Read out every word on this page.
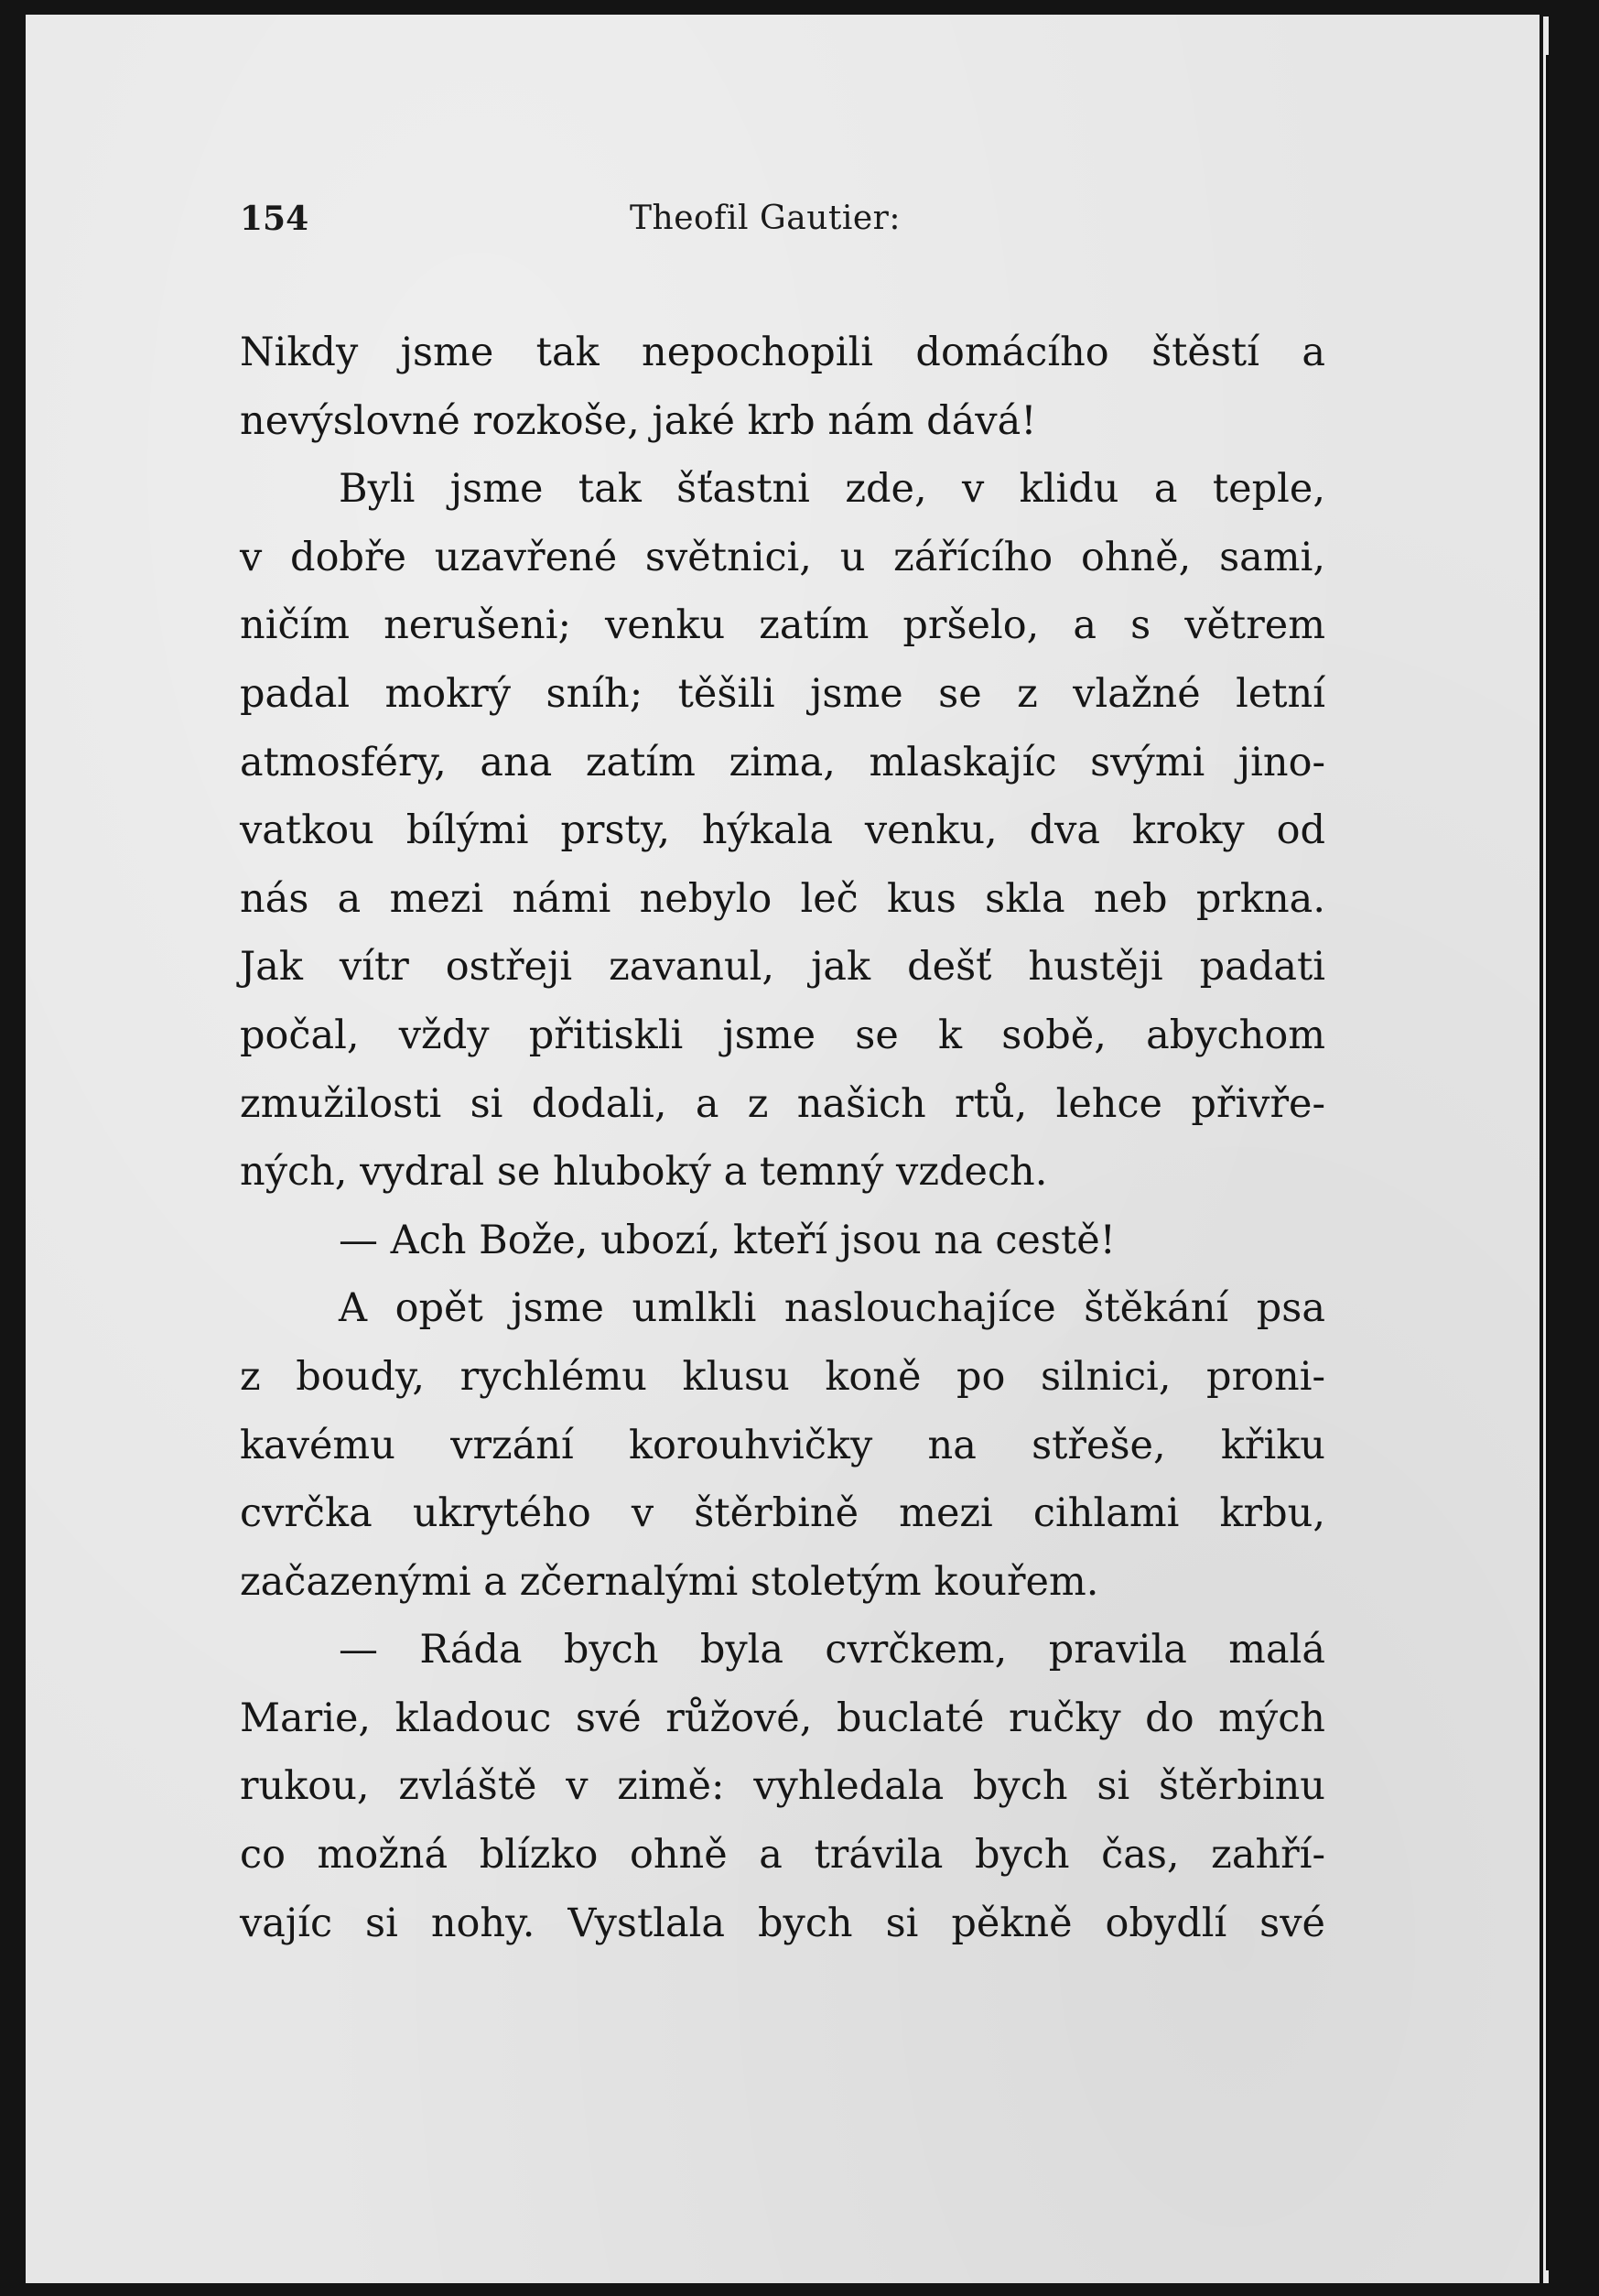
154	Theofil Gautier:
Nikdy jsme tak nepochopili domácího štěstí a
nevýslovné rozkoše, jaké krb nám dává!
Byli jsme tak šťastni zde, v klidu a teple,
v dobře uzavřené světnici, u zářícího ohně, sami,
ničím nerušeni; venku zatím pršelo, a s větrem
padal mokrý sníh; těšili jsme se z vlažné letní
atmosféry, ana zatím zima, mlaskajíc svými jino-
vatkou bílými prsty, hýkala venku, dva kroky od
nás a mezi námi nebylo leč kus skla neb prkna.
Jak vítr ostřeji zavanul, jak dešť hustěji padati
počal, vždy přitiskli jsme se k sobě, abychom
zmužilosti si dodali, a z našich rtů, lehce přivře-
ných, vydral se hluboký a temný vzdech.
— Ach Bože, ubozí, kteří jsou na cestě!
A opět jsme umlkli naslouchajíce štěkání psa
z boudy, rychlému klusu koně po silnici, proni-
kavému vrzání korouhvičky na střeše, křiku
cvrčka ukrytého v štěrbině mezi cihlami krbu,
začazenými a zčernalými stoletým kouřem.
— Ráda bych byla cvrčkem, pravila malá
Marie, kladouc své růžové, buclaté ručky do mých
rukou, zvláště v zimě: vyhledala bych si štěrbinu
co možná blízko ohně a trávila bych čas, zahří-
vajíc si nohy. Vystlala bych si pěkně obydlí své
